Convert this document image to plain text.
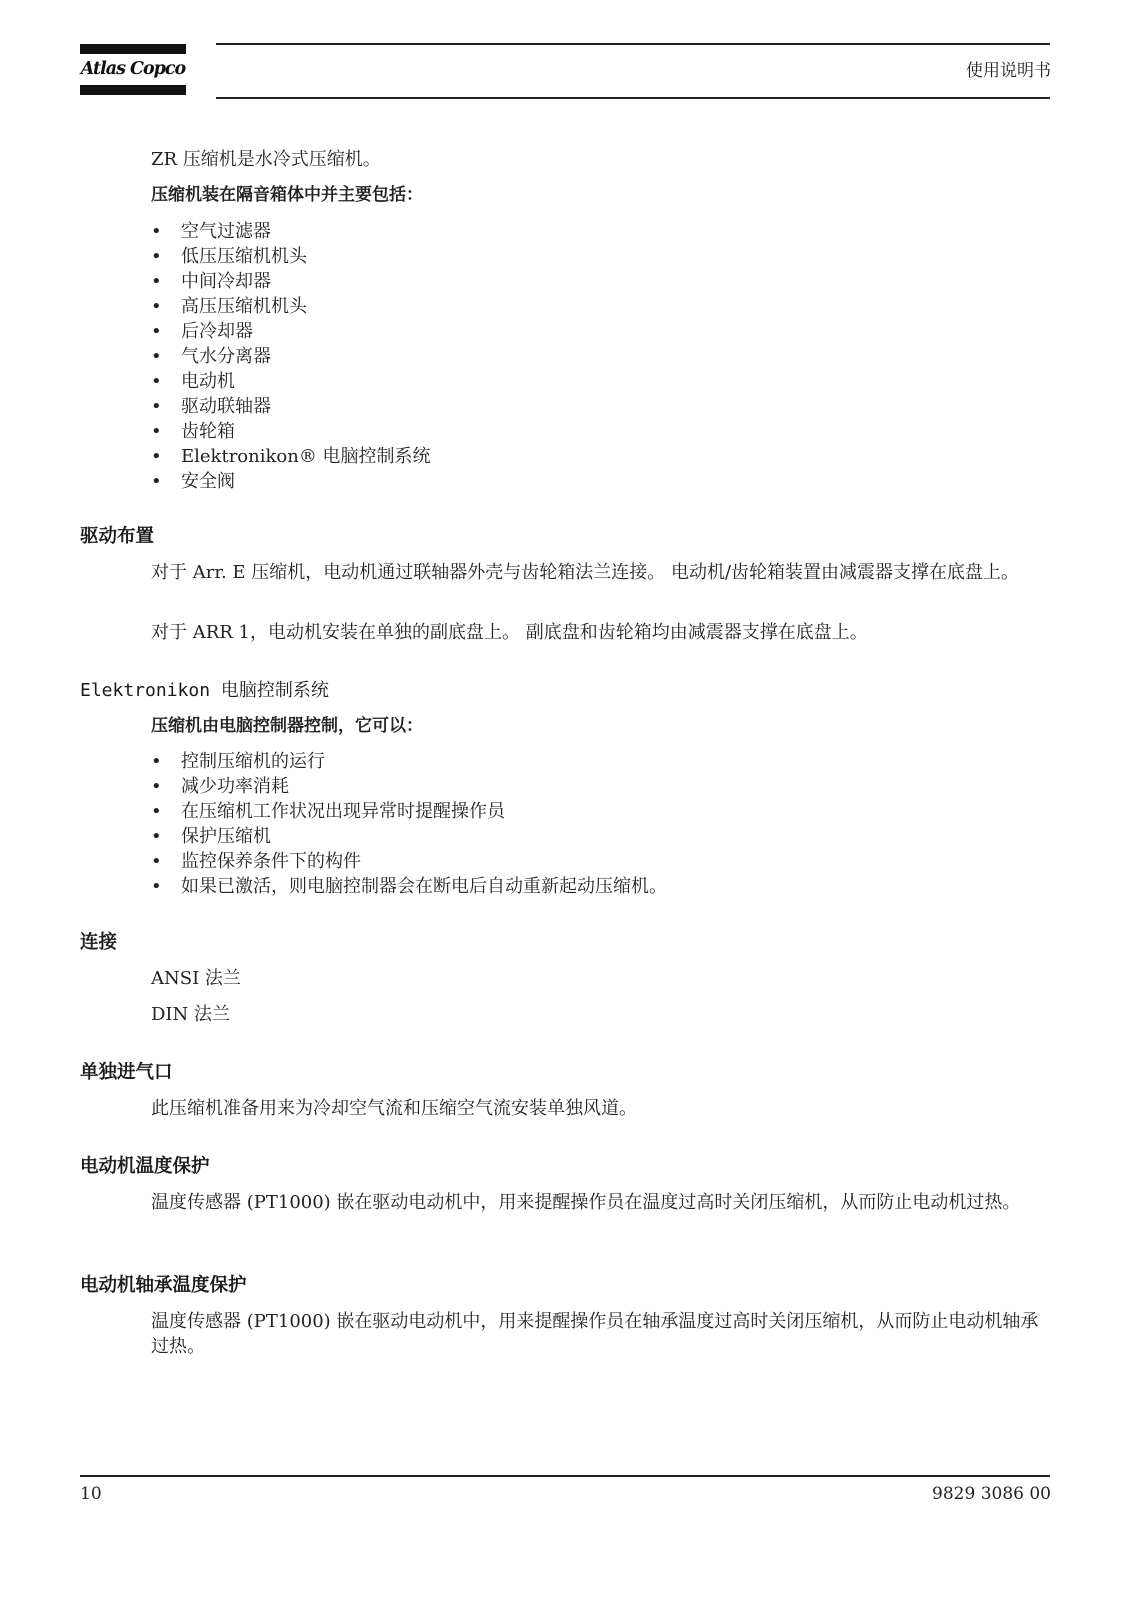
Atlas Copco	使用说明书
ZR 压缩机是水冷式压缩机。
压缩机装在隔音箱体中并主要包括：
• 空气过滤器
• 低压压缩机机头
• 中间冷却器
• 高压压缩机机头
• 后冷却器
• 气水分离器
• 电动机
• 驱动联轴器
• 齿轮箱
• Elektronikon® 电脑控制系统
• 安全阀
驱动布置
对于 Arr. E 压缩机，电动机通过联轴器外壳与齿轮箱法兰连接。 电动机/齿轮箱装置由减震器支撑在底盘上。
对于 ARR 1，电动机安装在单独的副底盘上。 副底盘和齿轮箱均由减震器支撑在底盘上。
Elektronikon 电脑控制系统
压缩机由电脑控制器控制，它可以：
• 控制压缩机的运行
• 减少功率消耗
• 在压缩机工作状况出现异常时提醒操作员
• 保护压缩机
• 监控保养条件下的构件
• 如果已激活，则电脑控制器会在断电后自动重新起动压缩机。
连接
ANSI 法兰
DIN 法兰
单独进气口
此压缩机准备用来为冷却空气流和压缩空气流安装单独风道。
电动机温度保护
温度传感器 (PT1000) 嵌在驱动电动机中，用来提醒操作员在温度过高时关闭压缩机，从而防止电动机过热。
电动机轴承温度保护
温度传感器 (PT1000) 嵌在驱动电动机中，用来提醒操作员在轴承温度过高时关闭压缩机，从而防止电动机轴承过热。
10	9829 3086 00
